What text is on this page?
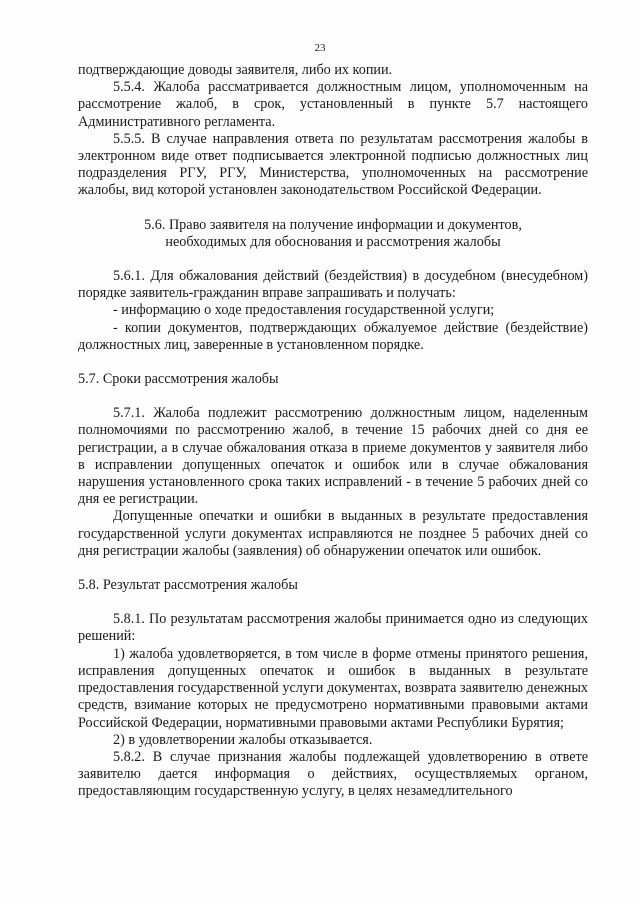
23

подтверждающие доводы заявителя, либо их копии.

5.5.4. Жалоба рассматривается должностным лицом, уполномоченным на рассмотрение жалоб, в срок, установленный в пункте 5.7 настоящего Административного регламента.

5.5.5. В случае направления ответа по результатам рассмотрения жалобы в электронном виде ответ подписывается электронной подписью должностных лиц подразделения РГУ, РГУ, Министерства, уполномоченных на рассмотрение жалобы, вид которой установлен законодательством Российской Федерации.

5.6. Право заявителя на получение информации и документов,
необходимых для обоснования и рассмотрения жалобы

5.6.1. Для обжалования действий (бездействия) в досудебном (внесудебном) порядке заявитель-гражданин вправе запрашивать и получать:

- информацию о ходе предоставления государственной услуги;

- копии документов, подтверждающих обжалуемое действие (бездействие) должностных лиц, заверенные в установленном порядке.

5.7. Сроки рассмотрения жалобы

5.7.1. Жалоба подлежит рассмотрению должностным лицом, наделенным полномочиями по рассмотрению жалоб, в течение 15 рабочих дней со дня ее регистрации, а в случае обжалования отказа в приеме документов у заявителя либо в исправлении допущенных опечаток и ошибок или в случае обжалования нарушения установленного срока таких исправлений - в течение 5 рабочих дней со дня ее регистрации.

Допущенные опечатки и ошибки в выданных в результате предоставления государственной услуги документах исправляются не позднее 5 рабочих дней со дня регистрации жалобы (заявления) об обнаружении опечаток или ошибок.

5.8. Результат рассмотрения жалобы

5.8.1. По результатам рассмотрения жалобы принимается одно из следующих решений:

1) жалоба удовлетворяется, в том числе в форме отмены принятого решения, исправления допущенных опечаток и ошибок в выданных в результате предоставления государственной услуги документах, возврата заявителю денежных средств, взимание которых не предусмотрено нормативными правовыми актами Российской Федерации, нормативными правовыми актами Республики Бурятия;

2) в удовлетворении жалобы отказывается.

5.8.2. В случае признания жалобы подлежащей удовлетворению в ответе заявителю дается информация о действиях, осуществляемых органом, предоставляющим государственную услугу, в целях незамедлительного
